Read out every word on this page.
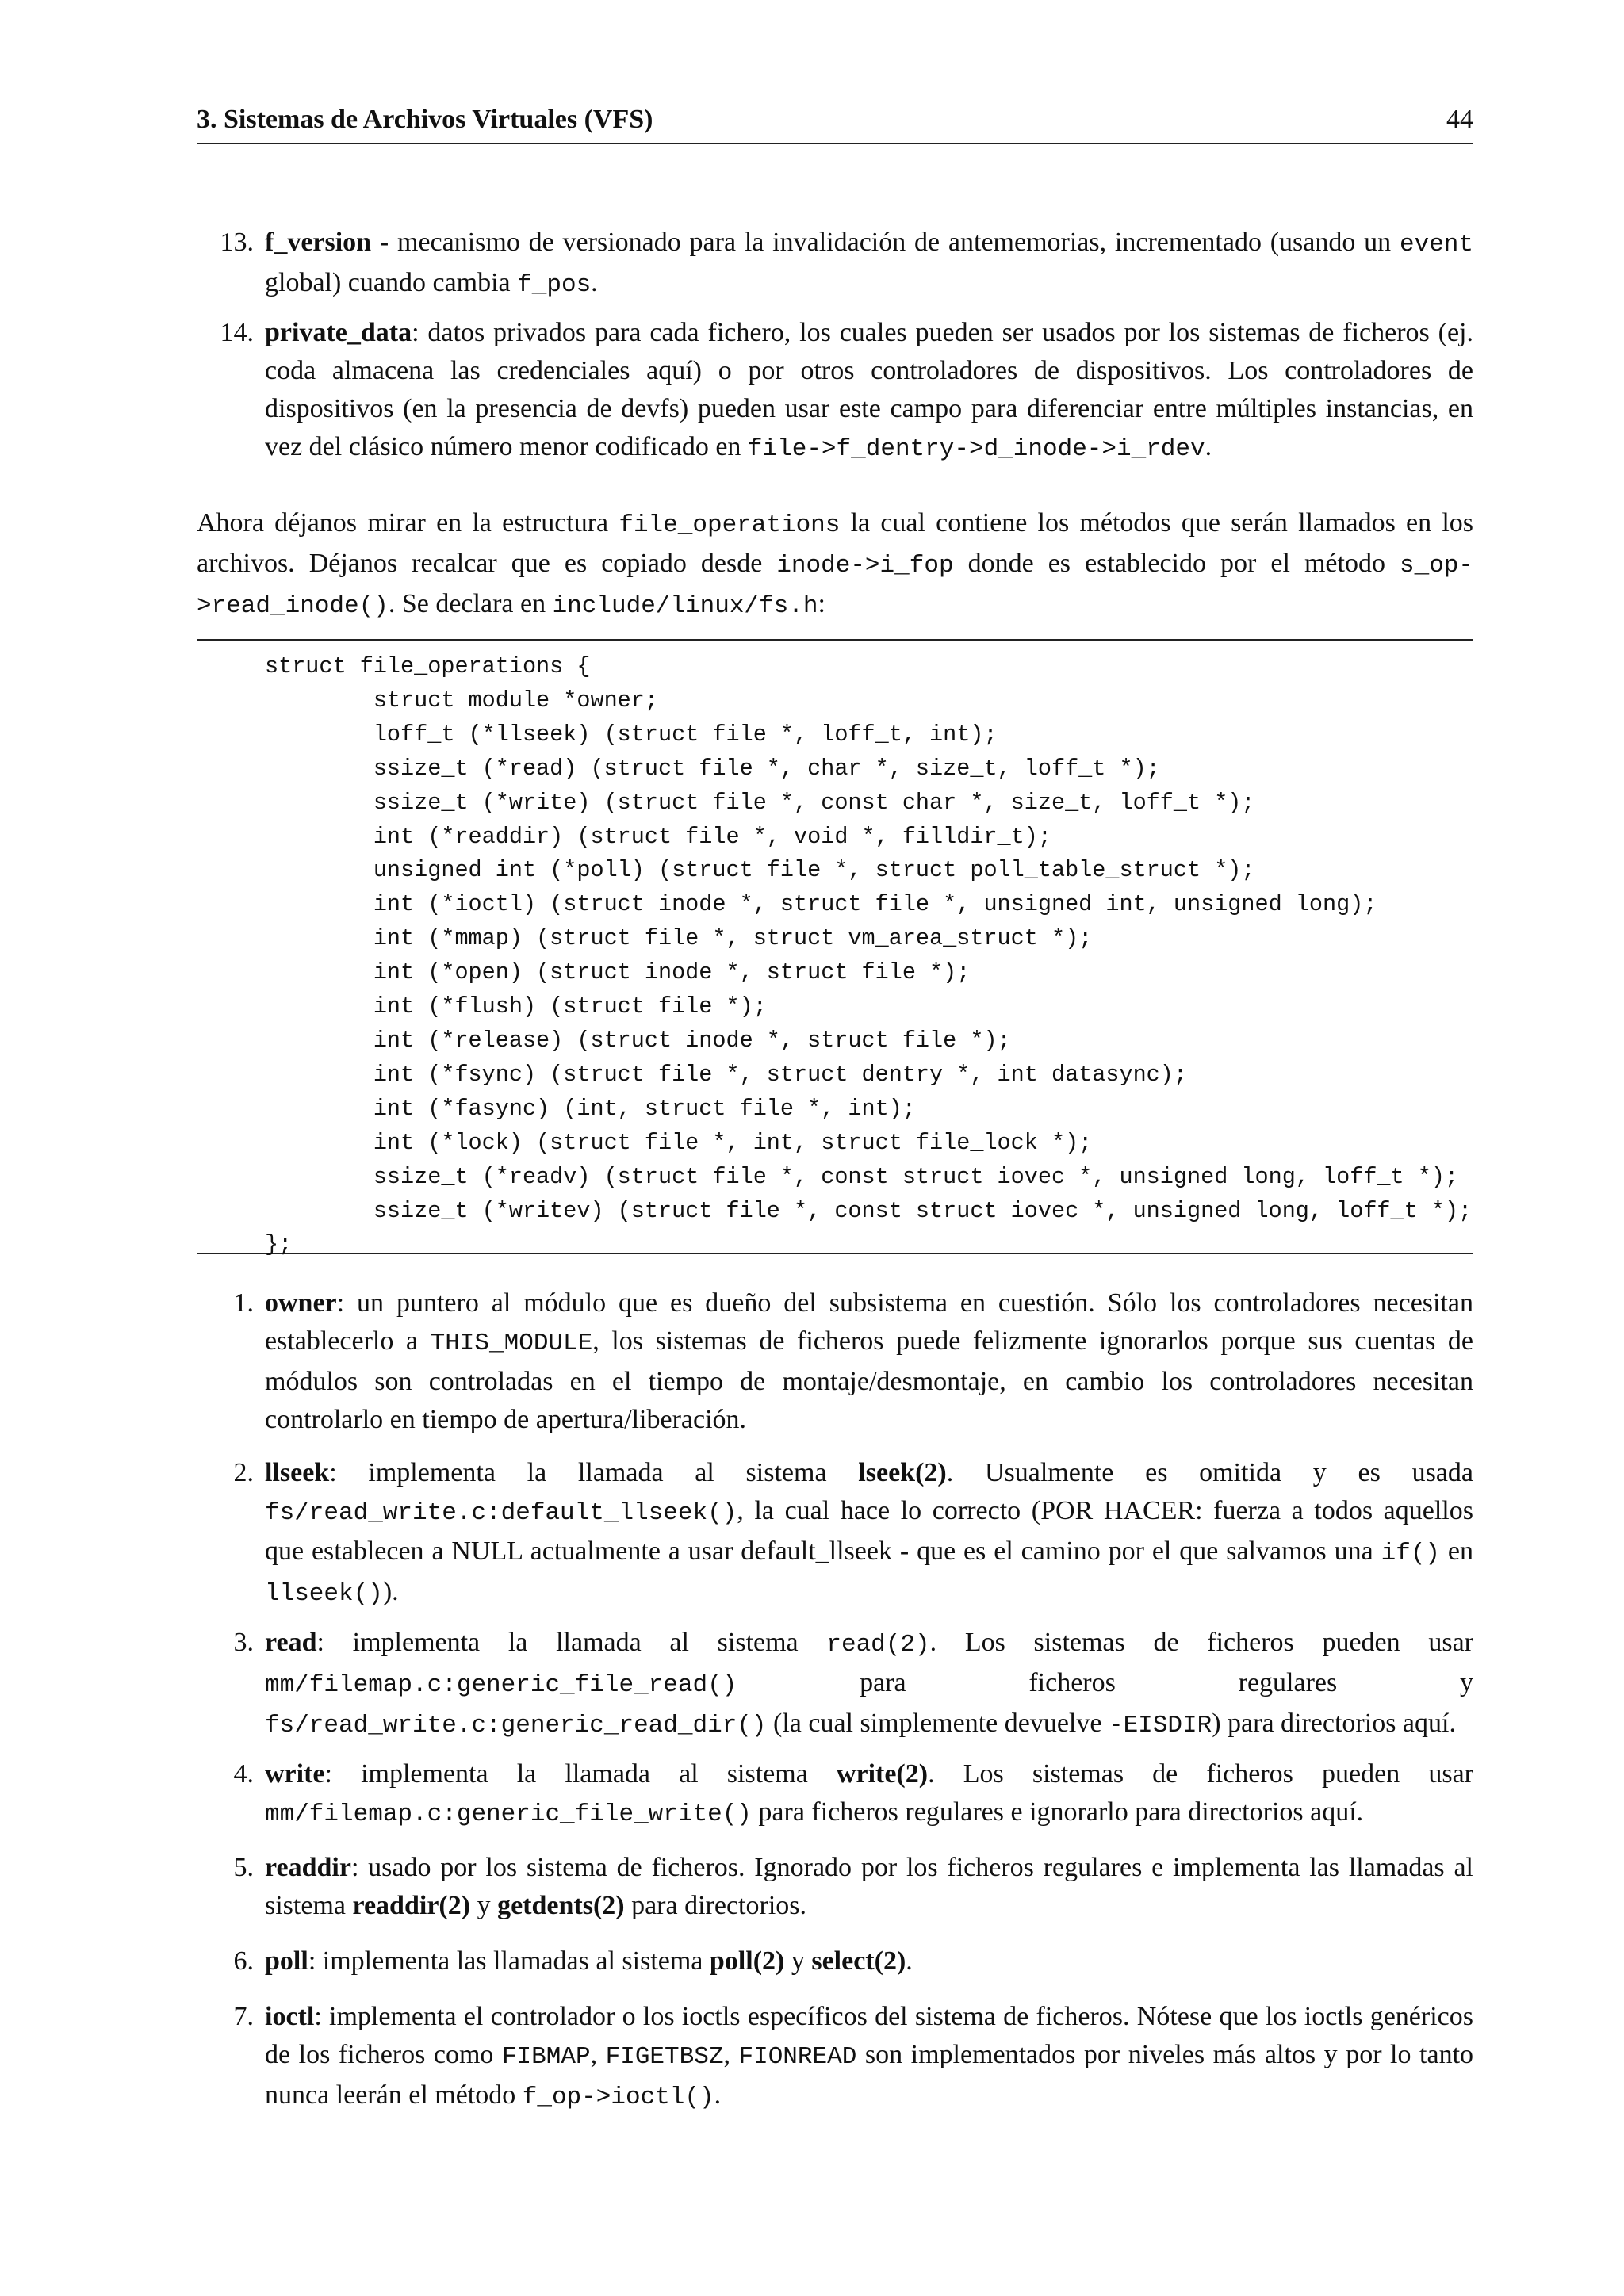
3. Sistemas de Archivos Virtuales (VFS)	44
13. f_version - mecanismo de versionado para la invalidación de antememorias, incrementado (usando un event global) cuando cambia f_pos.
14. private_data: datos privados para cada fichero, los cuales pueden ser usados por los sistemas de ficheros (ej. coda almacena las credenciales aquí) o por otros controladores de dispositivos. Los controladores de dispositivos (en la presencia de devfs) pueden usar este campo para diferenciar entre múltiples instancias, en vez del clásico número menor codificado en file->f_dentry->d_inode->i_rdev.
Ahora déjanos mirar en la estructura file_operations la cual contiene los métodos que serán llamados en los archivos. Déjanos recalcar que es copiado desde inode->i_fop donde es establecido por el método s_op->read_inode(). Se declara en include/linux/fs.h:
struct file_operations {
struct module *owner;
loff_t (*llseek) (struct file *, loff_t, int);
ssize_t (*read) (struct file *, char *, size_t, loff_t *);
ssize_t (*write) (struct file *, const char *, size_t, loff_t *);
int (*readdir) (struct file *, void *, filldir_t);
unsigned int (*poll) (struct file *, struct poll_table_struct *);
int (*ioctl) (struct inode *, struct file *, unsigned int, unsigned long);
int (*mmap) (struct file *, struct vm_area_struct *);
int (*open) (struct inode *, struct file *);
int (*flush) (struct file *);
int (*release) (struct inode *, struct file *);
int (*fsync) (struct file *, struct dentry *, int datasync);
int (*fasync) (int, struct file *, int);
int (*lock) (struct file *, int, struct file_lock *);
ssize_t (*readv) (struct file *, const struct iovec *, unsigned long, loff_t *);
ssize_t (*writev) (struct file *, const struct iovec *, unsigned long, loff_t *);
};
1. owner: un puntero al módulo que es dueño del subsistema en cuestión. Sólo los controladores necesitan establecerlo a THIS_MODULE, los sistemas de ficheros puede felizmente ignorarlos porque sus cuentas de módulos son controladas en el tiempo de montaje/desmontaje, en cambio los controladores necesitan controlarlo en tiempo de apertura/liberación.
2. llseek: implementa la llamada al sistema lseek(2). Usualmente es omitida y es usada fs/read_write.c:default_llseek(), la cual hace lo correcto (POR HACER: fuerza a todos aquellos que establecen a NULL actualmente a usar default_llseek - que es el camino por el que salvamos una if() en llseek()).
3. read: implementa la llamada al sistema read(2). Los sistemas de ficheros pueden usar mm/filemap.c:generic_file_read() para ficheros regulares y fs/read_write.c:generic_read_dir() (la cual simplemente devuelve -EISDIR) para directorios aquí.
4. write: implementa la llamada al sistema write(2). Los sistemas de ficheros pueden usar mm/filemap.c:generic_file_write() para ficheros regulares e ignorarlo para directorios aquí.
5. readdir: usado por los sistema de ficheros. Ignorado por los ficheros regulares e implementa las llamadas al sistema readdir(2) y getdents(2) para directorios.
6. poll: implementa las llamadas al sistema poll(2) y select(2).
7. ioctl: implementa el controlador o los ioctls específicos del sistema de ficheros. Nótese que los ioctls genéricos de los ficheros como FIBMAP, FIGETBSZ, FIONREAD son implementados por niveles más altos y por lo tanto nunca leerán el método f_op->ioctl().
